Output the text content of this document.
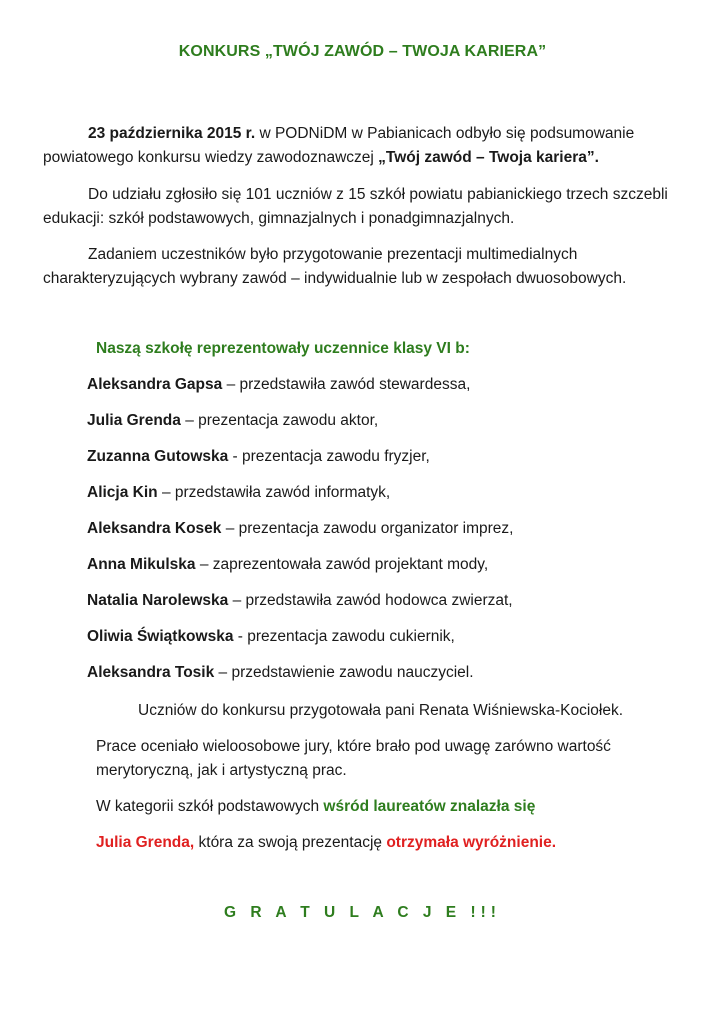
KONKURS „TWÓJ ZAWÓD – TWOJA KARIERA”
23 października 2015 r. w PODNiDM w Pabianicach odbyło się podsumowanie powiatowego konkursu wiedzy zawodoznawczej „Twój zawód – Twoja kariera”.
Do udziału zgłosiło się 101 uczniów z 15 szkół powiatu pabianickiego trzech szczebli edukacji: szkół podstawowych, gimnazjalnych i ponadgimnazjalnych.
Zadaniem uczestników było przygotowanie prezentacji multimedialnych charakteryzujących wybrany zawód – indywidualnie lub w zespołach dwuosobowych.
Naszą szkołę reprezentowały uczennice klasy VI b:
Aleksandra Gapsa – przedstawiła zawód stewardessa,
Julia Grenda – prezentacja zawodu aktor,
Zuzanna Gutowska - prezentacja zawodu fryzjer,
Alicja Kin – przedstawiła zawód informatyk,
Aleksandra Kosek – prezentacja zawodu organizator imprez,
Anna Mikulska – zaprezentowała zawód projektant mody,
Natalia Narolewska – przedstawiła zawód hodowca zwierzat,
Oliwia Świątkowska - prezentacja zawodu cukiernik,
Aleksandra Tosik – przedstawienie zawodu nauczyciel.
Uczniów do konkursu przygotowała pani Renata Wiśniewska-Kociołek.
Prace oceniało wieloosobowe jury, które brało pod uwagę zarówno wartość
merytoryczną, jak i artystyczną prac.
W kategorii szkół podstawowych wśród laureatów znalazła się
Julia Grenda, która za swoją prezentację otrzymała wyróżnienie.
G R A T U L A C J E !!!
